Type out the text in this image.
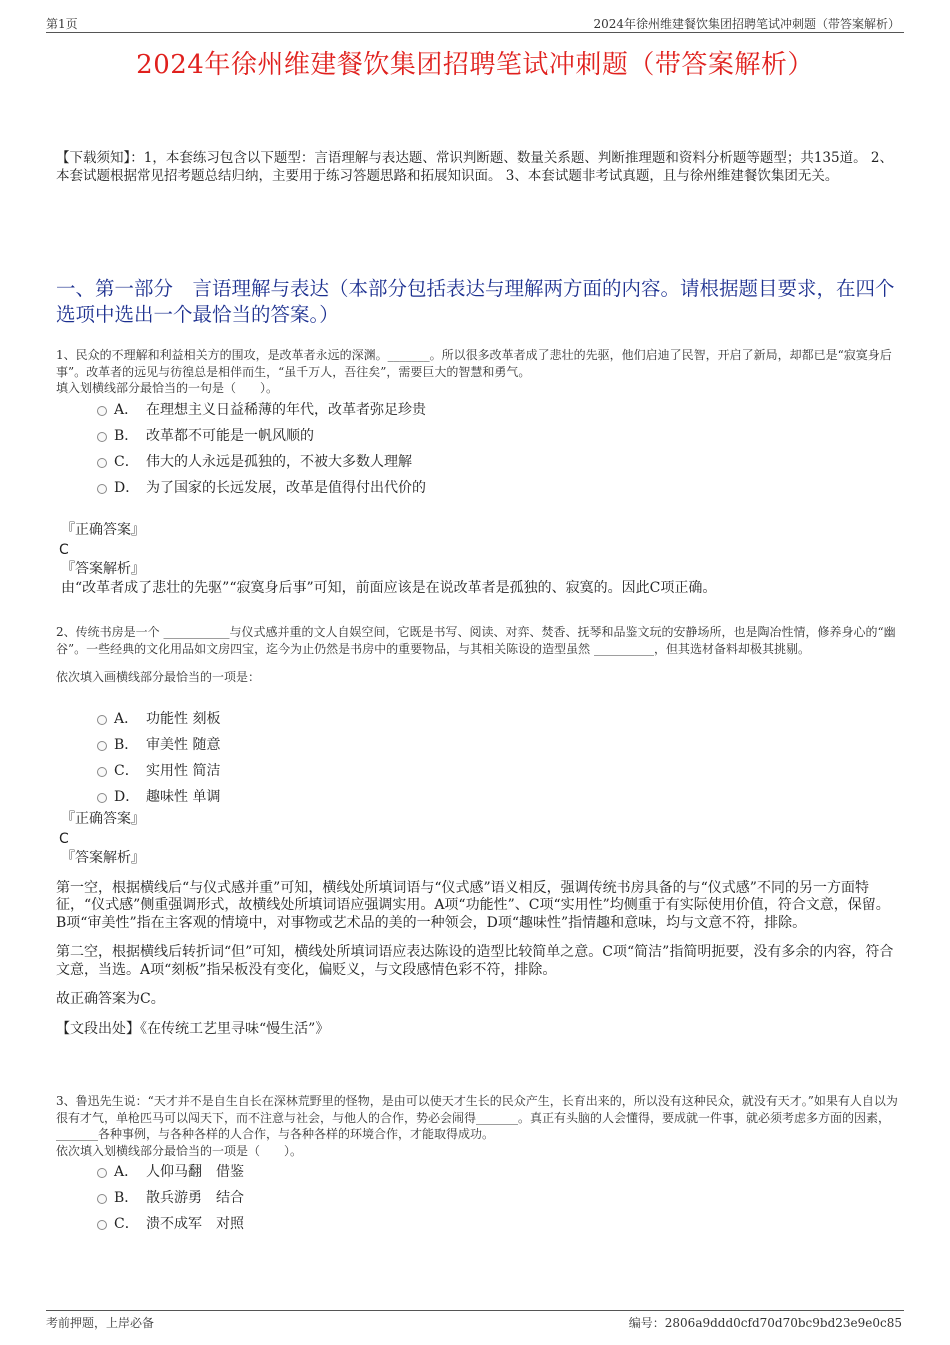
第1页	2024年徐州维建餐饮集团招聘笔试冲刺题（带答案解析）
2024年徐州维建餐饮集团招聘笔试冲刺题（带答案解析）
【下载须知】：1，本套练习包含以下题型：言语理解与表达题、常识判断题、数量关系题、判断推理题和资料分析题等题型；共135道。 2、本套试题根据常见招考题总结归纳，主要用于练习答题思路和拓展知识面。 3、本套试题非考试真题，且与徐州维建餐饮集团无关。
一、第一部分　言语理解与表达（本部分包括表达与理解两方面的内容。请根据题目要求，在四个选项中选出一个最恰当的答案。）

1、民众的不理解和利益相关方的围攻，是改革者永远的深渊。_______。所以很多改革者成了悲壮的先驱，他们启迪了民智，开启了新局，却都已是“寂寞身后事”。改革者的远见与彷徨总是相伴而生，“虽千万人，吾往矣”，需要巨大的智慧和勇气。

填入划横线部分最恰当的一句是（　　）。

A． 在理想主义日益稀薄的年代，改革者弥足珍贵
B． 改革都不可能是一帆风顺的
C． 伟大的人永远是孤独的，不被大多数人理解
D． 为了国家的长远发展，改革是值得付出代价的
『正确答案』
C
『答案解析』
由“改革者成了悲壮的先驱”“寂寞身后事”可知，前面应该是在说改革者是孤独的、寂寞的。因此C项正确。

2、传统书房是一个 ___________与仪式感并重的文人自娱空间，它既是书写、阅读、对弈、焚香、抚琴和品鉴文玩的安静场所，也是陶冶性情，修养身心的“幽谷”。一些经典的文化用品如文房四宝，迄今为止仍然是书房中的重要物品，与其相关陈设的造型虽然 __________，但其选材备料却极其挑剔。

依次填入画横线部分最恰当的一项是：

A． 功能性 刻板
B． 审美性 随意
C． 实用性 简洁
D． 趣味性 单调
『正确答案』
C
『答案解析』

第一空，根据横线后“与仪式感并重”可知，横线处所填词语与“仪式感”语义相反，强调传统书房具备的与“仪式感”不同的另一方面特征，“仪式感”侧重强调形式，故横线处所填词语应强调实用。A项“功能性”、C项“实用性”均侧重于有实际使用价值，符合文意，保留。B项“审美性”指在主客观的情境中，对事物或艺术品的美的一种领会，D项“趣味性”指情趣和意味，均与文意不符，排除。

第二空，根据横线后转折词“但”可知，横线处所填词语应表达陈设的造型比较简单之意。C项“简洁”指简明扼要，没有多余的内容，符合文意，当选。A项“刻板”指呆板没有变化，偏贬义，与文段感情色彩不符，排除。

故正确答案为C。

【文段出处】《在传统工艺里寻味“慢生活”》

3、鲁迅先生说：“天才并不是自生自长在深林荒野里的怪物，是由可以使天才生长的民众产生，长育出来的，所以没有这种民众，就没有天才。”如果有人自以为很有才气，单枪匹马可以闯天下，而不注意与社会，与他人的合作，势必会闹得_______。真正有头脑的人会懂得，要成就一件事，就必须考虑多方面的因素，_______各种事例，与各种各样的人合作，与各种各样的环境合作，才能取得成功。

依次填入划横线部分最恰当的一项是（　　）。

A． 人仰马翻　借鉴
B． 散兵游勇　结合
C． 溃不成军　对照
考前押题，上岸必备	编号：2806a9ddd0cfd70d70bc9bd23e9e0c85
